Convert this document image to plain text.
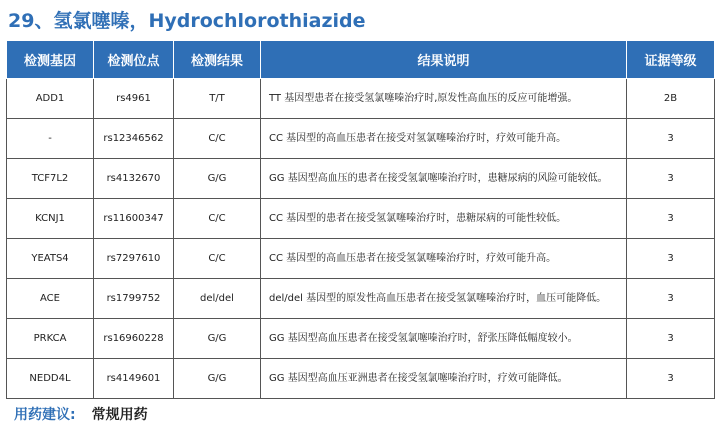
29、氢氯噻嗪，Hydrochlorothiazide
检测基因	检测位点	检测结果	结果说明	证据等级
ADD1	rs4961	T/T	TT 基因型患者在接受氢氯噻嗪治疗时,原发性高血压的反应可能增强。	2B
-	rs12346562	C/C	CC 基因型的高血压患者在接受对氢氯噻嗪治疗时，疗效可能升高。	3
TCF7L2	rs4132670	G/G	GG 基因型高血压的患者在接受氢氯噻嗪治疗时，患糖尿病的风险可能较低。	3
KCNJ1	rs11600347	C/C	CC 基因型的患者在接受氢氯噻嗪治疗时，患糖尿病的可能性较低。	3
YEATS4	rs7297610	C/C	CC 基因型的高血压患者在接受氢氯噻嗪治疗时，疗效可能升高。	3
ACE	rs1799752	del/del	del/del 基因型的原发性高血压患者在接受氢氯噻嗪治疗时，血压可能降低。	3
PRKCA	rs16960228	G/G	GG 基因型高血压患者在接受氢氯噻嗪治疗时，舒张压降低幅度较小。	3
NEDD4L	rs4149601	G/G	GG 基因型高血压亚洲患者在接受氢氯噻嗪治疗时，疗效可能降低。	3
用药建议: 常规用药
